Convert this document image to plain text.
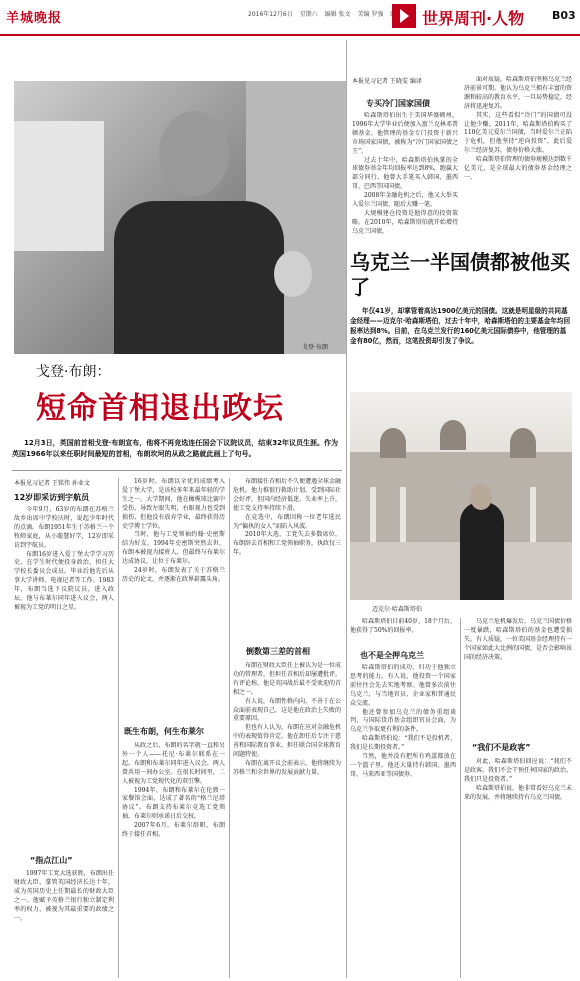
羊城晚报	2016年12月6日 星期六 编辑 张文 美编 罗强	世界周刊·人物	B03
戈登·布朗
戈登·布朗：
短命首相退出政坛
12月3日，英国前首相戈登·布朗宣布，他将不再竞选连任国会下议院议员，结束32年议员生涯。作为英国1966年以来任职时间最短的首相，布朗坎坷的从政之路就此画上了句号。
本报见习记者 王铭伟 孙业文
12岁即采访到宇航员

今年9月，63岁的布朗在苏格兰故乡出席中学校庆时，说起少年时代的点滴。布朗1951年生于苏格兰一个牧师家庭，从小聪慧好学，12岁即采访到宇航员。

布朗16岁进入爱丁堡大学学习历史，在学生时代便投身政治，担任大学校长委员会成员。毕业后他先后从事大学讲师、电视记者等工作。1983年，布朗当选下议院议员，进入政坛。他与布莱尔同年进入议会，两人被视为工党的明日之星。

“指点江山”

1997年工党大选获胜，布朗出任财政大臣，掌管英国经济长达十年，成为英国历史上任期最长的财政大臣之一。他赋予英格兰银行独立制定利率的权力，被视为其最重要的政绩之一。

16岁时，布朗以全优的成绩考入爱丁堡大学，是该校多年来最年轻的学生之一。大学期间，他在橄榄球比赛中受伤，导致左眼失明，右眼视力也受到损伤。但他没有放弃学业，最终获得历史学博士学位。

当时，他与工党领袖约翰·史密斯结为好友。1994年史密斯突然去世，布朗本被视为接班人，但最终与布莱尔达成协议，让位于布莱尔。

24岁时，布朗发表了关于苏格兰历史的论文，并逐渐在政界崭露头角。

既生布朗，何生布莱尔

从政之后，布朗的名字就一直和另外一个人——托尼·布莱尔联系在一起。布朗和布莱尔同年进入议会，两人曾共用一间办公室。在很长时间里，二人被视为工党现代化的双引擎。

1994年，布朗和布莱尔在伦敦一家餐馆会面，达成了著名的“格兰尼塔协议”。布朗支持布莱尔竞选工党领袖，布莱尔则承诺日后交权。

2007年6月，布莱尔辞职，布朗终于接任首相。

布朗接任首相后不久便遭遇全球金融危机。他力推银行救助计划，受到国际社会好评，但国内经济低迷、失业率上升，使工党支持率持续下滑。

在竞选中，布朗因称一位老年选民为“偏执的女人”而陷入风波。

2010年大选，工党失去多数席位，布朗辞去首相和工党领袖职务，执政仅三年。

倒数第三差的首相

布朗在财政大臣任上被认为是一位成功的管理者，但担任首相后却屡遭批评。有评论称，他是英国战后最不受欢迎的首相之一。

有人说，布朗性格内向，不善于在公众面前表现自己，这是他在政治上失败的重要原因。

但也有人认为，布朗在应对金融危机中的表现值得肯定。他在卸任后专注于慈善和国际教育事业，担任联合国全球教育问题特使。

布朗在离开议会前表示，他将继续为苏格兰和全世界的发展贡献力量。

本报见习记者 王晓雯 编译
专买冷门国家国债

哈森斯塔伯出生于美国华盛顿州，1996年大学毕业后便加入富兰克林邓普顿基金。他管理的基金专门投资于新兴市场国家国债，被称为“冷门国家国债之王”。

过去十年中，哈森斯塔伯执掌的全球债券基金年均回报率达到8%，跑赢大部分同行。他曾大手笔买入韩国、墨西哥、巴西等国国债。

2008年金融危机之后，他又大举买入爱尔兰国债，随后大赚一笔。

大规模建仓投资是他得意的投资策略。在2010年，哈森斯塔伯就开始增持乌克兰国债。

面对质疑，哈森斯塔伯坚称乌克兰经济前景可期。他认为乌克兰拥有丰富的资源和较高的教育水平，一旦局势稳定，经济将迅速复苏。

其实，这些看似“冷门”的国债可没让他少赚。2011年，哈森斯塔伯购买了110亿美元爱尔兰国债，当时爱尔兰正陷于危机，但他坚持“逆向投资”，此后爱尔兰经济复苏，债券价格大涨。

哈森斯塔伯管理的债券规模达到数千亿美元，是全球最大的债券基金经理之一。

乌克兰一半国债都被他买了
年仅41岁，却掌管着高达1900亿美元的国债。这就是明星级的共同基金经理——迈克尔·哈森斯塔伯，过去十年中，哈森斯塔伯的主要基金年均回报率达到8%。目前，在乌克兰发行的160亿美元国际债券中，他管理的基金有80亿，然而，这笔投资却引发了争议。
迈克尔·哈森斯塔伯

哈森斯塔伯目前40岁，18个月后，他获得了50%的回报率。

也不是全押乌克兰

哈森斯塔伯的成功，归功于他独立思考的能力。有人说，他投资一个国家前往往会先去实地考察。他曾多次前往乌克兰，与当地官员、企业家和普通民众交流。

他还曾参加乌克兰的债务重组谈判，与国际货币基金组织官员会面，为乌克兰争取更有利的条件。

哈森斯塔伯说：“我们不是投机者，我们是长期投资者。”

当然，他并没有把所有鸡蛋都放在一个篮子里。他还大量持有韩国、墨西哥、马来西亚等国债券。

“我们不是政客”

乌克兰危机爆发后，乌克兰国债价格一度暴跌，哈森斯塔伯的基金也遭受损失。有人质疑，一位美国基金经理持有一个国家如此大比例的国债，是否会影响该国的经济决策。

对此，哈森斯塔伯回应说：“我们不是政客，我们不会干预任何国家的政治。我们只是投资者。”

哈森斯塔伯说，他非常看好乌克兰未来的发展，并将继续持有乌克兰国债。
